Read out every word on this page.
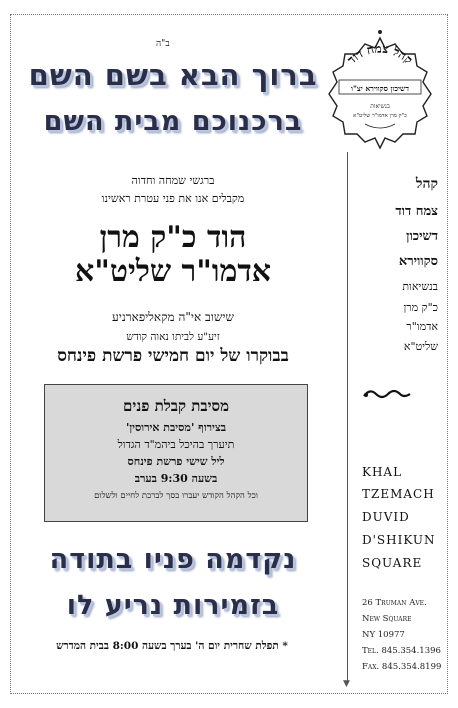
ב"ה
ברוך הבא בשם השם
ברכנוכם מבית השם
ברגשי שמחה וחדוה
מקבלים אנו את פני עטרת ראשינו
הוד כ"ק מרן
אדמו"ר שליט"א
שישוב אי"ה מקאליפארניע
זיע"ע לביתו נאוה קודש
בבוקרו של יום חמישי פרשת פינחס
מסיבת קבלת פנים
בצירוף 'מסיבת אירוסין'
תיערך בהיכל ביהמ"ד הגדול
ליל שישי פרשת פינחס
בשעה 9:30 בערב
וכל הקהל הקודש יעברו בסך לברכת לחיים ולשלום
נקדמה פניו בתודה
בזמירות נריע לו
* תפלת שחרית יום ה' בערך בשעה 8:00 בבית המדרש
קהל צמח דוד
דשיכון סקווירא יצ"ו
בנשיאות
כ"ק מרן אדמו"ר שליט"א
▼
קהל
צמח דוד
דשיכון
סקווירא
בנשיאות
כ"ק מרן
אדמו"ר
שליט"א
KHAL
TZEMACH
DUVID
D'SHIKUN
SQUARE
26 Truman Ave.
New Square
NY 10977
Tel. 845.354.1396
Fax. 845.354.8199
